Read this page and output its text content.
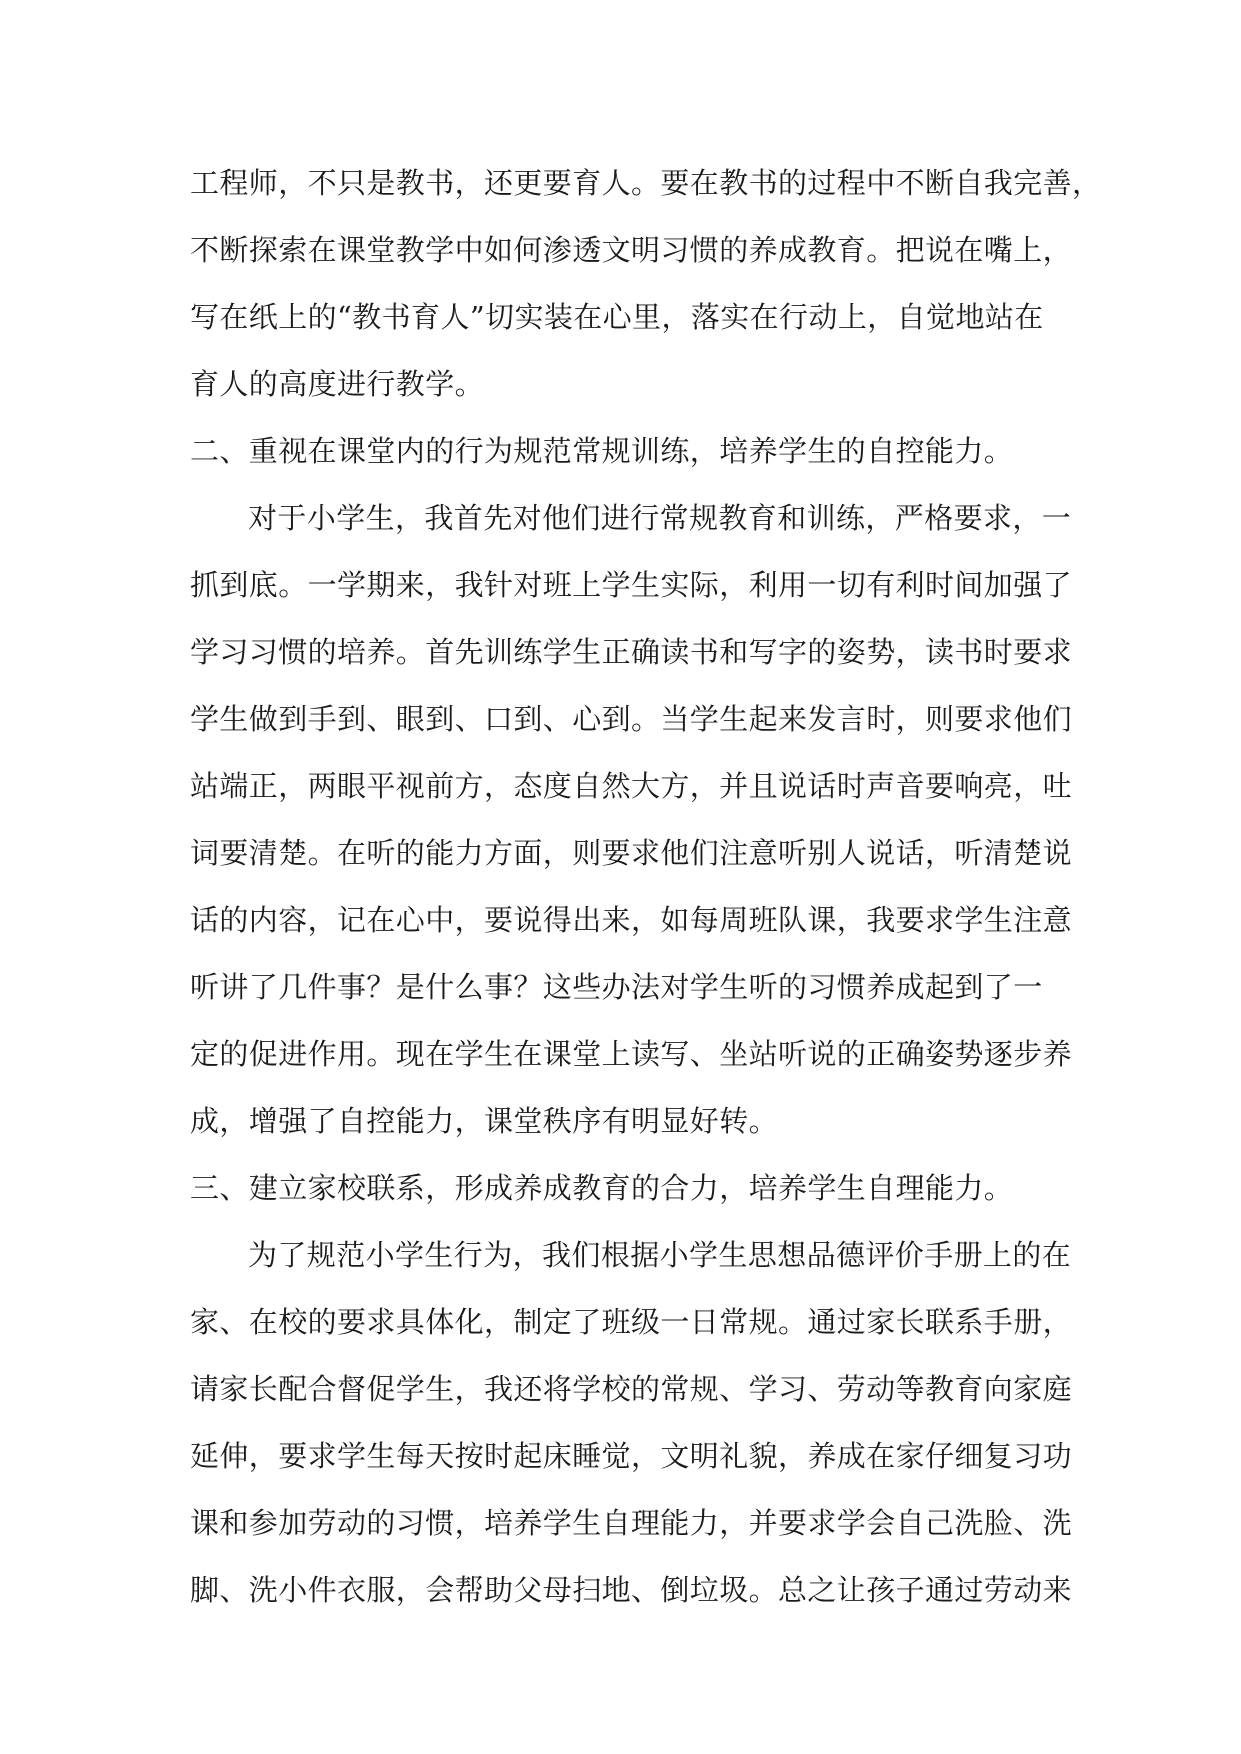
工程师，不只是教书，还更要育人。要在教书的过程中不断自我完善，
不断探索在课堂教学中如何渗透文明习惯的养成教育。把说在嘴上，
写在纸上的“教书育人”切实装在心里，落实在行动上，自觉地站在
育人的高度进行教学。
二、重视在课堂内的行为规范常规训练，培养学生的自控能力。
对于小学生，我首先对他们进行常规教育和训练，严格要求，一
抓到底。一学期来，我针对班上学生实际，利用一切有利时间加强了
学习习惯的培养。首先训练学生正确读书和写字的姿势，读书时要求
学生做到手到、眼到、口到、心到。当学生起来发言时，则要求他们
站端正，两眼平视前方，态度自然大方，并且说话时声音要响亮，吐
词要清楚。在听的能力方面，则要求他们注意听别人说话，听清楚说
话的内容，记在心中，要说得出来，如每周班队课，我要求学生注意
听讲了几件事？是什么事？这些办法对学生听的习惯养成起到了一
定的促进作用。现在学生在课堂上读写、坐站听说的正确姿势逐步养
成，增强了自控能力，课堂秩序有明显好转。
三、建立家校联系，形成养成教育的合力，培养学生自理能力。
为了规范小学生行为，我们根据小学生思想品德评价手册上的在
家、在校的要求具体化，制定了班级一日常规。通过家长联系手册，
请家长配合督促学生，我还将学校的常规、学习、劳动等教育向家庭
延伸，要求学生每天按时起床睡觉，文明礼貌，养成在家仔细复习功
课和参加劳动的习惯，培养学生自理能力，并要求学会自己洗脸、洗
脚、洗小件衣服，会帮助父母扫地、倒垃圾。总之让孩子通过劳动来
